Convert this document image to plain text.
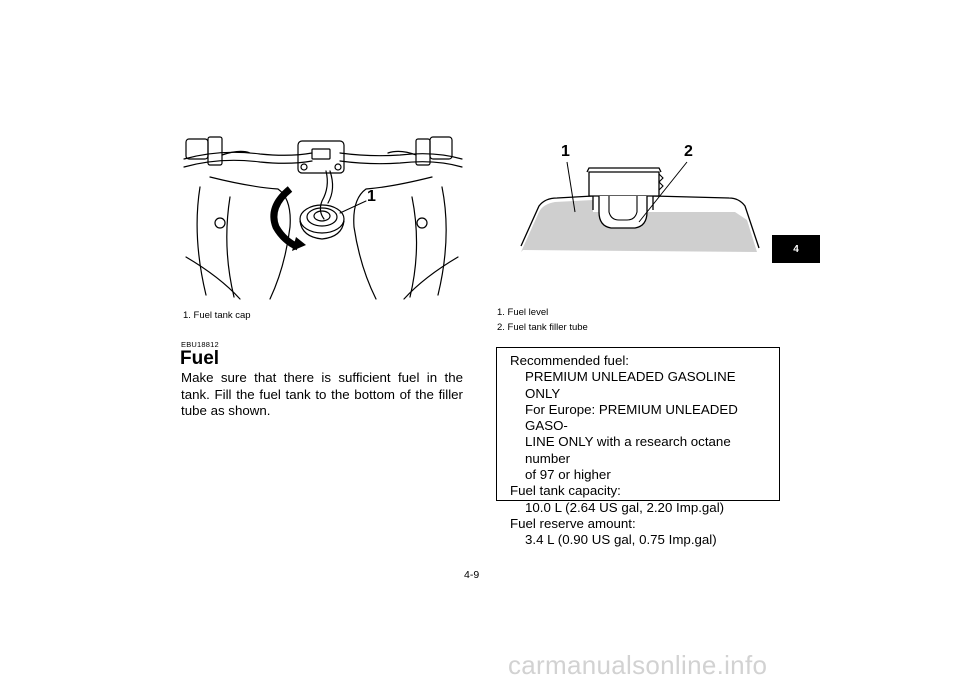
1
1. Fuel tank cap
1	2
1. Fuel level
2. Fuel tank filler tube
EBU18812
Fuel
Make sure that there is sufficient fuel in the tank. Fill the fuel tank to the bottom of the filler tube as shown.
Recommended fuel:
PREMIUM UNLEADED GASOLINE ONLY
For Europe: PREMIUM UNLEADED GASO-
LINE ONLY with a research octane number
of 97 or higher
Fuel tank capacity:
10.0 L (2.64 US gal, 2.20 Imp.gal)
Fuel reserve amount:
3.4 L (0.90 US gal, 0.75 Imp.gal)
4-9
4
carmanualsonline.info
